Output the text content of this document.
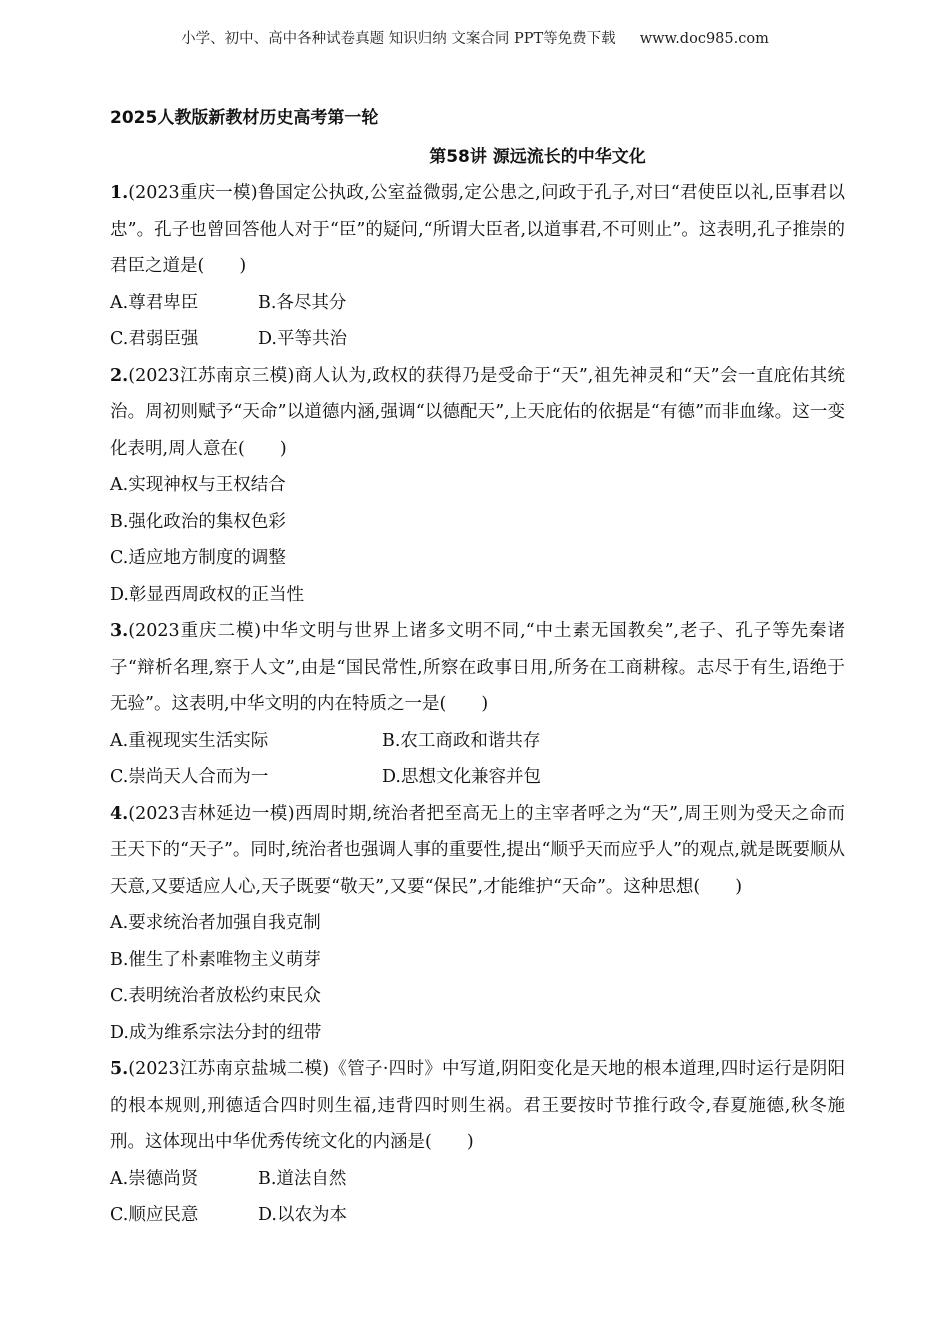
小学、初中、高中各种试卷真题 知识归纳 文案合同 PPT等免费下载 www.doc985.com
2025人教版新教材历史高考第一轮
第58讲 源远流长的中华文化
1.(2023重庆一模)鲁国定公执政,公室益微弱,定公患之,问政于孔子,对曰“君使臣以礼,臣事君以忠”。孔子也曾回答他人对于“臣”的疑问,“所谓大臣者,以道事君,不可则止”。这表明,孔子推崇的君臣之道是(　　)
A.尊君卑臣	B.各尽其分
C.君弱臣强	D.平等共治
2.(2023江苏南京三模)商人认为,政权的获得乃是受命于“天”,祖先神灵和“天”会一直庇佑其统治。周初则赋予“天命”以道德内涵,强调“以德配天”,上天庇佑的依据是“有德”而非血缘。这一变化表明,周人意在(　　)
A.实现神权与王权结合
B.强化政治的集权色彩
C.适应地方制度的调整
D.彰显西周政权的正当性
3.(2023重庆二模)中华文明与世界上诸多文明不同,“中土素无国教矣”,老子、孔子等先秦诸子“辩析名理,察于人文”,由是“国民常性,所察在政事日用,所务在工商耕稼。志尽于有生,语绝于无验”。这表明,中华文明的内在特质之一是(　　)
A.重视现实生活实际	B.农工商政和谐共存
C.崇尚天人合而为一	D.思想文化兼容并包
4.(2023吉林延边一模)西周时期,统治者把至高无上的主宰者呼之为“天”,周王则为受天之命而王天下的“天子”。同时,统治者也强调人事的重要性,提出“顺乎天而应乎人”的观点,就是既要顺从天意,又要适应人心,天子既要“敬天”,又要“保民”,才能维护“天命”。这种思想(　　)
A.要求统治者加强自我克制
B.催生了朴素唯物主义萌芽
C.表明统治者放松约束民众
D.成为维系宗法分封的纽带
5.(2023江苏南京盐城二模)《管子·四时》中写道,阴阳变化是天地的根本道理,四时运行是阴阳的根本规则,刑德适合四时则生福,违背四时则生祸。君王要按时节推行政令,春夏施德,秋冬施刑。这体现出中华优秀传统文化的内涵是(　　)
A.崇德尚贤	B.道法自然
C.顺应民意	D.以农为本
